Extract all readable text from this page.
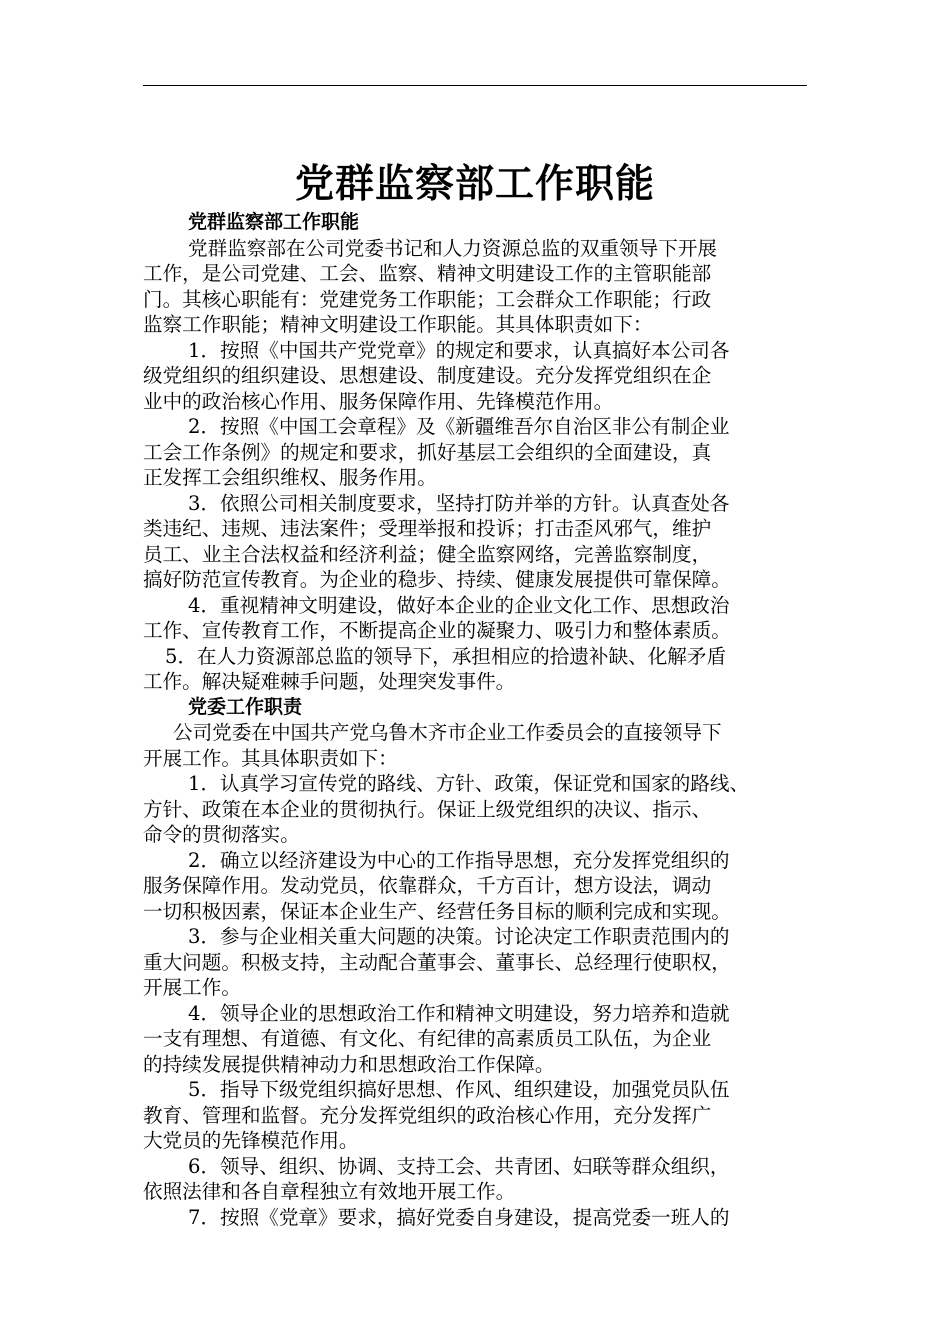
党群监察部工作职能
党群监察部工作职能
党群监察部在公司党委书记和人力资源总监的双重领导下开展
工作，是公司党建、工会、监察、精神文明建设工作的主管职能部
门。其核心职能有：党建党务工作职能；工会群众工作职能；行政
监察工作职能；精神文明建设工作职能。其具体职责如下：
1．按照《中国共产党党章》的规定和要求，认真搞好本公司各
级党组织的组织建设、思想建设、制度建设。充分发挥党组织在企
业中的政治核心作用、服务保障作用、先锋模范作用。
2．按照《中国工会章程》及《新疆维吾尔自治区非公有制企业
工会工作条例》的规定和要求，抓好基层工会组织的全面建设，真
正发挥工会组织维权、服务作用。
3．依照公司相关制度要求，坚持打防并举的方针。认真查处各
类违纪、违规、违法案件；受理举报和投诉；打击歪风邪气，维护
员工、业主合法权益和经济利益；健全监察网络，完善监察制度，
搞好防范宣传教育。为企业的稳步、持续、健康发展提供可靠保障。
4．重视精神文明建设，做好本企业的企业文化工作、思想政治
工作、宣传教育工作，不断提高企业的凝聚力、吸引力和整体素质。
5．在人力资源部总监的领导下，承担相应的拾遗补缺、化解矛盾
工作。解决疑难棘手问题，处理突发事件。
党委工作职责
公司党委在中国共产党乌鲁木齐市企业工作委员会的直接领导下
开展工作。其具体职责如下：
1．认真学习宣传党的路线、方针、政策，保证党和国家的路线、
方针、政策在本企业的贯彻执行。保证上级党组织的决议、指示、
命令的贯彻落实。
2．确立以经济建设为中心的工作指导思想，充分发挥党组织的
服务保障作用。发动党员，依靠群众，千方百计，想方设法，调动
一切积极因素，保证本企业生产、经营任务目标的顺利完成和实现。
3．参与企业相关重大问题的决策。讨论决定工作职责范围内的
重大问题。积极支持，主动配合董事会、董事长、总经理行使职权，
开展工作。
4．领导企业的思想政治工作和精神文明建设，努力培养和造就
一支有理想、有道德、有文化、有纪律的高素质员工队伍，为企业
的持续发展提供精神动力和思想政治工作保障。
5．指导下级党组织搞好思想、作风、组织建设，加强党员队伍
教育、管理和监督。充分发挥党组织的政治核心作用，充分发挥广
大党员的先锋模范作用。
6．领导、组织、协调、支持工会、共青团、妇联等群众组织，
依照法律和各自章程独立有效地开展工作。
7．按照《党章》要求，搞好党委自身建设，提高党委一班人的
